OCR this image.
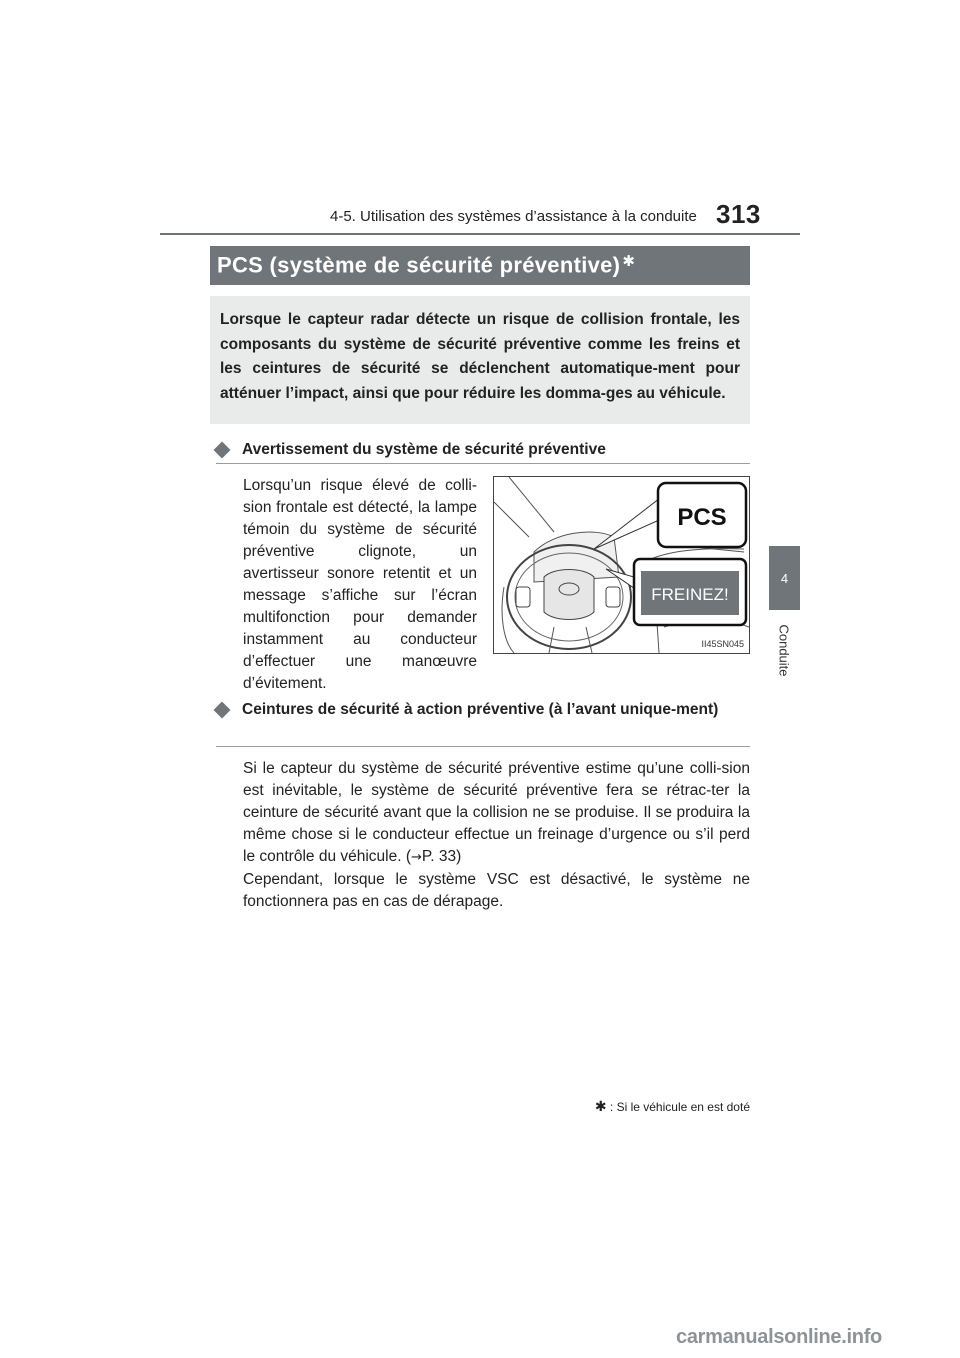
4-5. Utilisation des systèmes d’assistance à la conduite 313
4
Conduite
PCS (système de sécurité préventive) ✱
Lorsque le capteur radar détecte un risque de collision frontale, les composants du système de sécurité préventive comme les freins et les ceintures de sécurité se déclenchent automatique-ment pour atténuer l’impact, ainsi que pour réduire les domma-ges au véhicule.
Avertissement du système de sécurité préventive
Lorsqu’un risque élevé de colli-sion frontale est détecté, la lampe témoin du système de sécurité préventive clignote, un avertisseur sonore retentit et un message s’affiche sur l’écran multifonction pour demander instamment au conducteur d’effectuer une manœuvre d’évitement.
PCS
FREINEZ!
II45SN045
Ceintures de sécurité à action préventive (à l’avant unique-ment)
Si le capteur du système de sécurité préventive estime qu’une colli-sion est inévitable, le système de sécurité préventive fera se rétrac-ter la ceinture de sécurité avant que la collision ne se produise. Il se produira la même chose si le conducteur effectue un freinage d’urgence ou s’il perd le contrôle du véhicule. (→P. 33)
Cependant, lorsque le système VSC est désactivé, le système ne fonctionnera pas en cas de dérapage.
✱ : Si le véhicule en est doté
carmanualsonline.info
